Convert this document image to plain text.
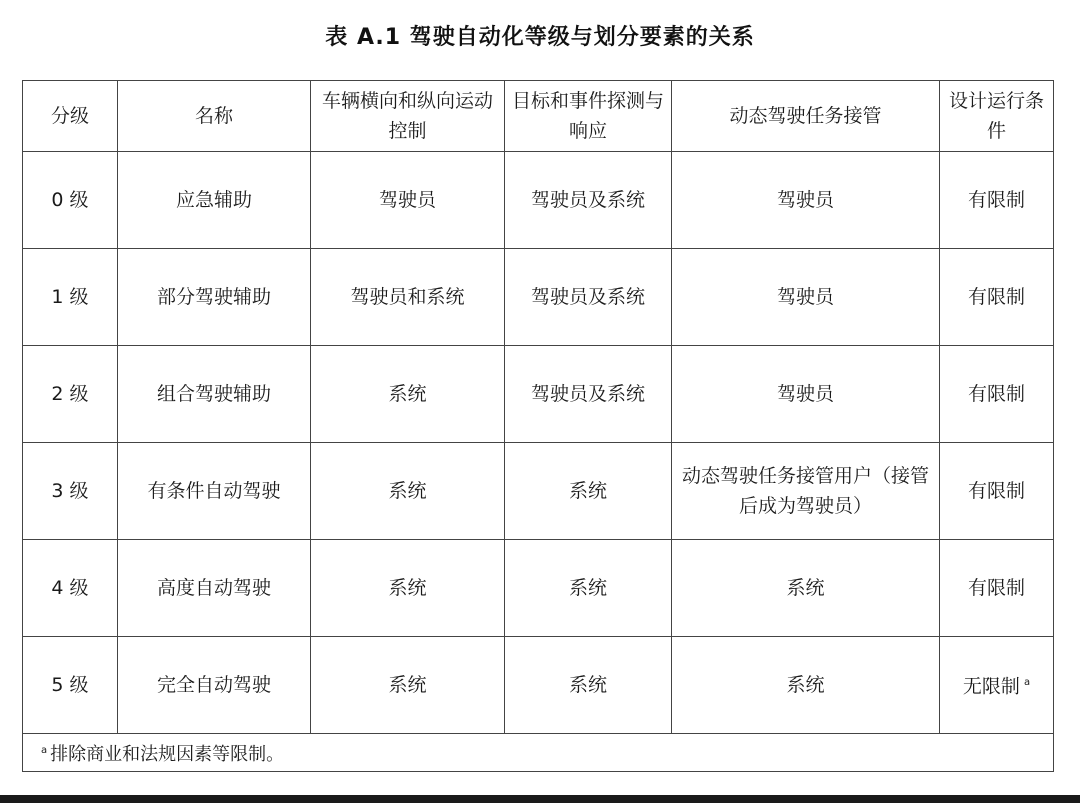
表 A.1 驾驶自动化等级与划分要素的关系
分级	名称	车辆横向和纵向运动控制	目标和事件探测与响应	动态驾驶任务接管	设计运行条件
0 级	应急辅助	驾驶员	驾驶员及系统	驾驶员	有限制
1 级	部分驾驶辅助	驾驶员和系统	驾驶员及系统	驾驶员	有限制
2 级	组合驾驶辅助	系统	驾驶员及系统	驾驶员	有限制
3 级	有条件自动驾驶	系统	系统	动态驾驶任务接管用户（接管后成为驾驶员）	有限制
4 级	高度自动驾驶	系统	系统	系统	有限制
5 级	完全自动驾驶	系统	系统	系统	无限制 $^a$
$^a$ 排除商业和法规因素等限制。					
